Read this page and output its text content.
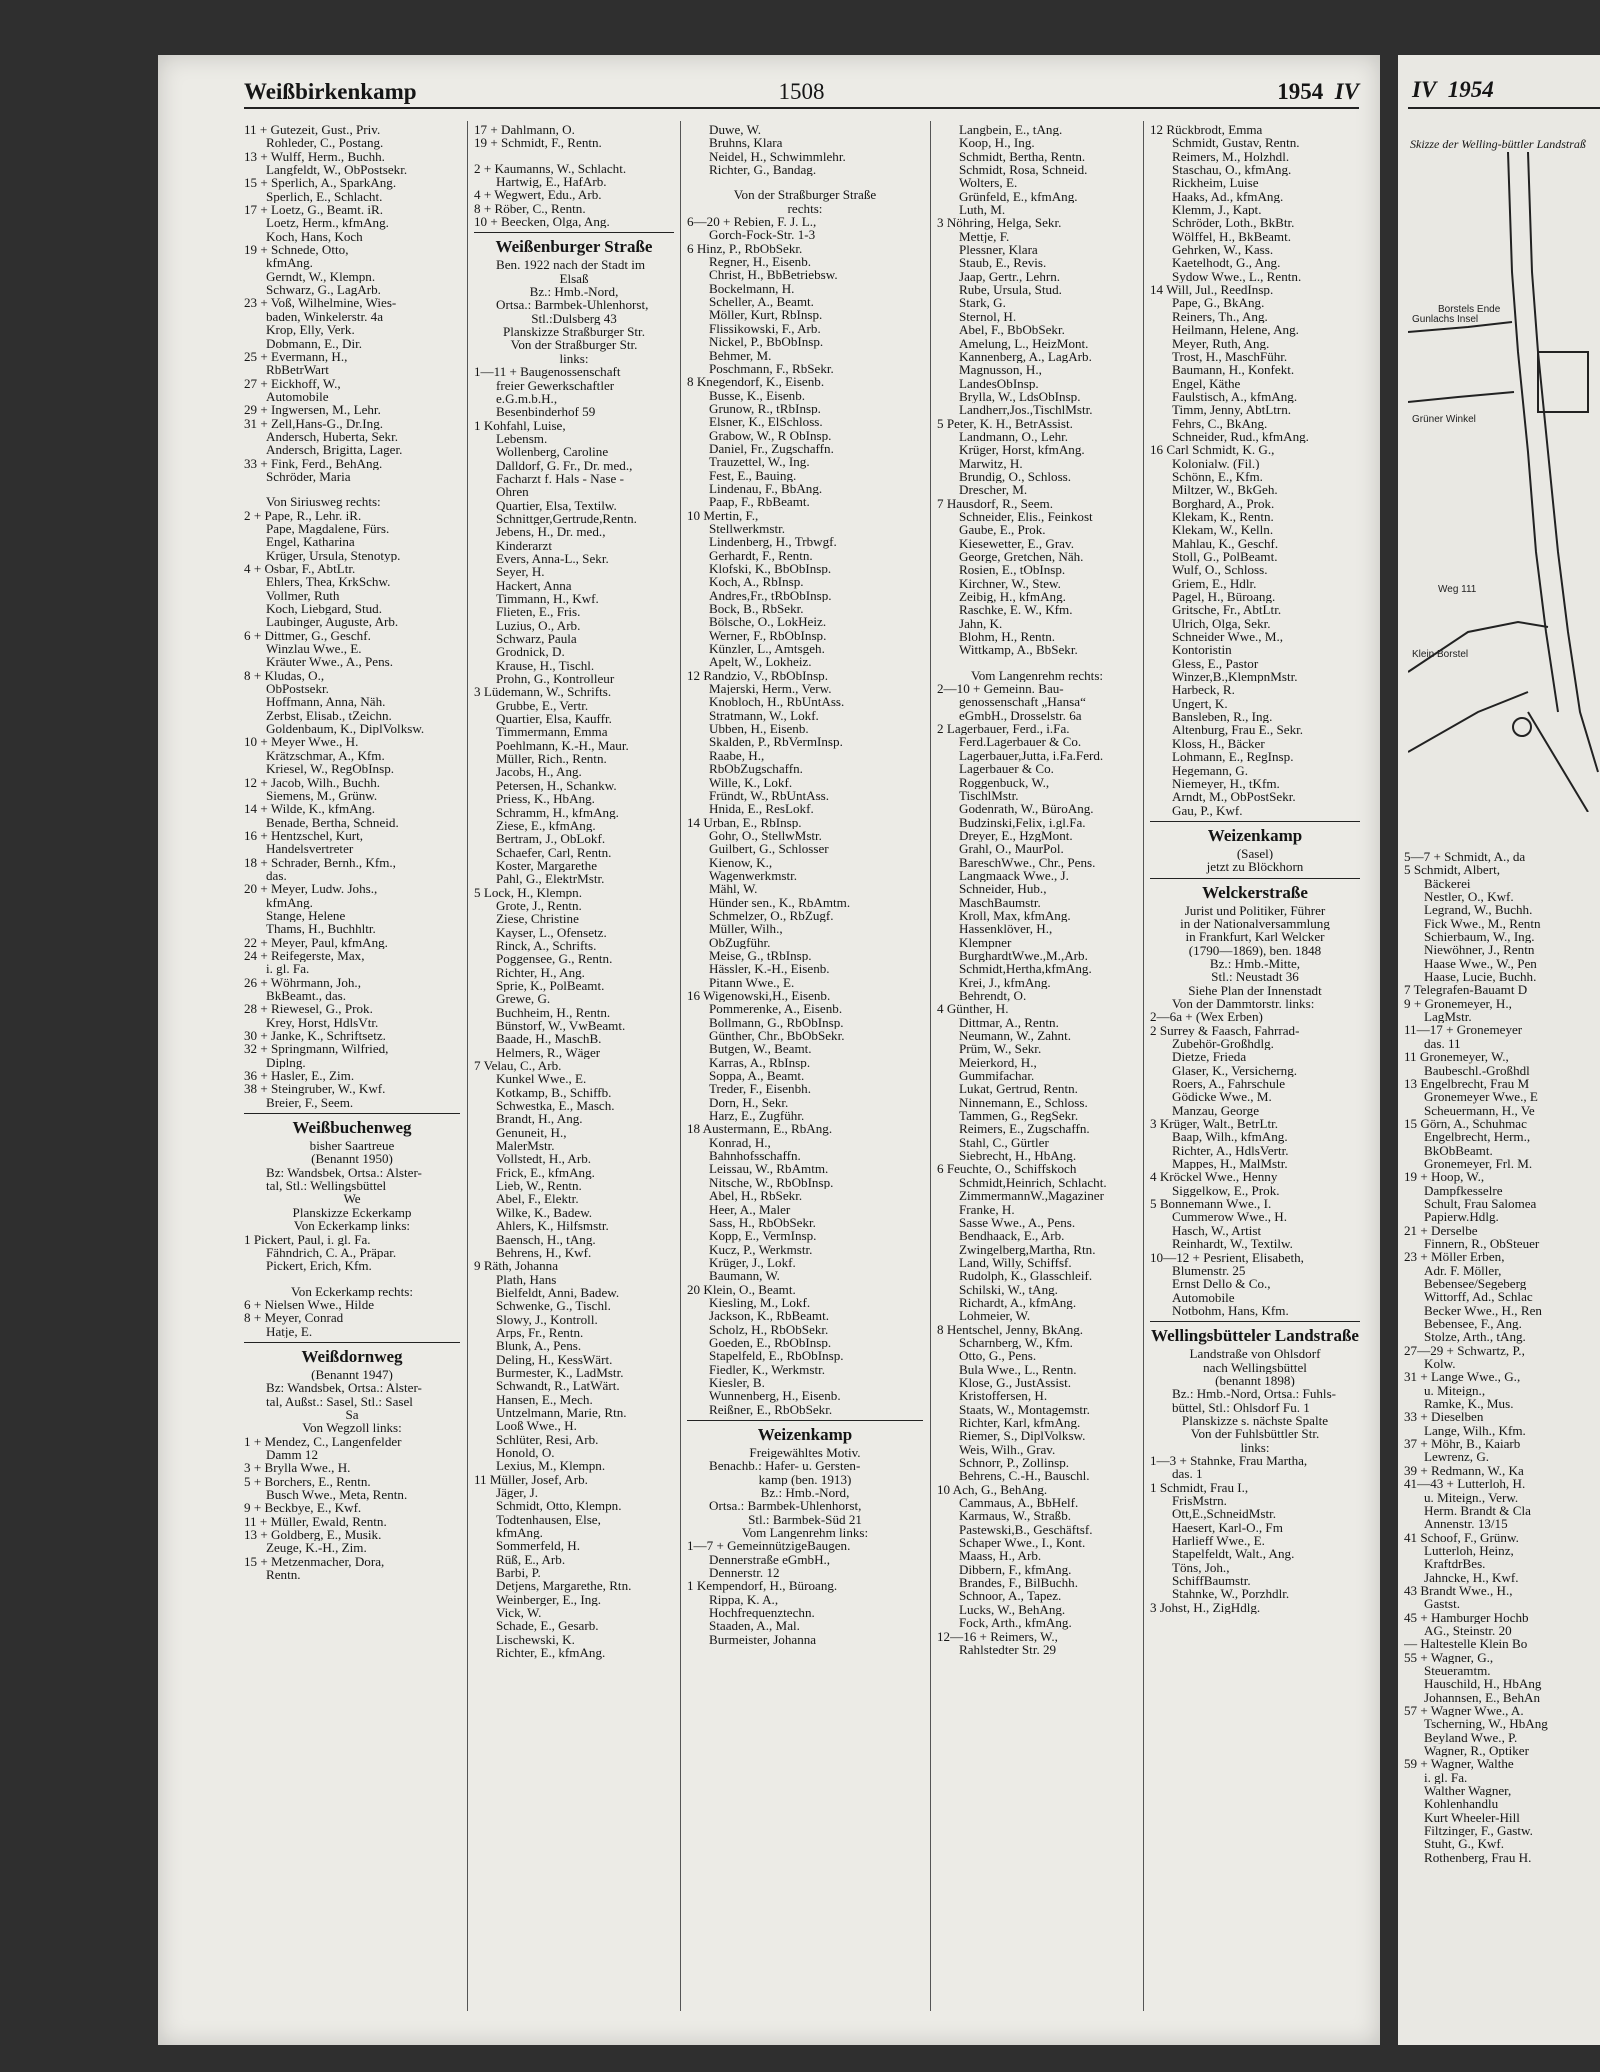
Weißbirkenkamp	1508	1954 IV
11 + Gutezeit, Gust., Priv.
Rohleder, C., Postang.
13 + Wulff, Herm., Buchh.
Langfeldt, W., ObPostsekr.
15 + Sperlich, A., SparkAng.
Sperlich, E., Schlacht.
17 + Loetz, G., Beamt. iR.
Loetz, Herm., kfmAng.
Koch, Hans, Koch
19 + Schnede, Otto,
kfmAng.
Gerndt, W., Klempn.
Schwarz, G., LagArb.
23 + Voß, Wilhelmine, Wies-
baden, Winkelerstr. 4a
Krop, Elly, Verk.
Dobmann, E., Dir.
25 + Evermann, H.,
RbBetrWart
27 + Eickhoff, W.,
Automobile
29 + Ingwersen, M., Lehr.
31 + Zell,Hans-G., Dr.Ing.
Andersch, Huberta, Sekr.
Andersch, Brigitta, Lager.
33 + Fink, Ferd., BehAng.
Schröder, Maria
Von Siriusweg rechts:
2 + Pape, R., Lehr. iR.
Pape, Magdalene, Fürs.
Engel, Katharina
Krüger, Ursula, Stenotyp.
4 + Osbar, F., AbtLtr.
Ehlers, Thea, KrkSchw.
Vollmer, Ruth
Koch, Liebgard, Stud.
Laubinger, Auguste, Arb.
6 + Dittmer, G., Geschf.
Winzlau Wwe., E.
Kräuter Wwe., A., Pens.
8 + Kludas, O.,
ObPostsekr.
Hoffmann, Anna, Näh.
Zerbst, Elisab., tZeichn.
Goldenbaum, K., DiplVolksw.
10 + Meyer Wwe., H.
Krätzschmar, A., Kfm.
Kriesel, W., RegObInsp.
12 + Jacob, Wilh., Buchh.
Siemens, M., Grünw.
14 + Wilde, K., kfmAng.
Benade, Bertha, Schneid.
16 + Hentzschel, Kurt,
Handelsvertreter
18 + Schrader, Bernh., Kfm.,
das.
20 + Meyer, Ludw. Johs.,
kfmAng.
Stange, Helene
Thams, H., Buchhltr.
22 + Meyer, Paul, kfmAng.
24 + Reifegerste, Max,
i. gl. Fa.
26 + Wöhrmann, Joh.,
BkBeamt., das.
28 + Riewesel, G., Prok.
Krey, Horst, HdlsVtr.
30 + Janke, K., Schriftsetz.
32 + Springmann, Wilfried,
Diplng.
36 + Hasler, E., Zim.
38 + Steingruber, W., Kwf.
Breier, F., Seem.
Weißbuchenweg
bisher Saartreue
(Benannt 1950)
Bz: Wandsbek, Ortsa.: Alster-
tal, Stl.: Wellingsbüttel
We
Planskizze Eckerkamp
Von Eckerkamp links:
1 Pickert, Paul, i. gl. Fa.
Fähndrich, C. A., Präpar.
Pickert, Erich, Kfm.
Von Eckerkamp rechts:
6 + Nielsen Wwe., Hilde
8 + Meyer, Conrad
Hatje, E.
Weißdornweg
(Benannt 1947)
Bz: Wandsbek, Ortsa.: Alster-
tal, Außst.: Sasel, Stl.: Sasel
Sa
Von Wegzoll links:
1 + Mendez, C., Langenfelder
Damm 12
3 + Brylla Wwe., H.
5 + Borchers, E., Rentn.
Busch Wwe., Meta, Rentn.
9 + Beckbye, E., Kwf.
11 + Müller, Ewald, Rentn.
13 + Goldberg, E., Musik.
Zeuge, K.-H., Zim.
15 + Metzenmacher, Dora,
Rentn.
17 + Dahlmann, O.
19 + Schmidt, F., Rentn.
2 + Kaumanns, W., Schlacht.
Hartwig, E., HafArb.
4 + Wegwert, Edu., Arb.
8 + Röber, C., Rentn.
10 + Beecken, Olga, Ang.
Weißenburger Straße
Ben. 1922 nach der Stadt im
Elsaß
Bz.: Hmb.-Nord,
Ortsa.: Barmbek-Uhlenhorst,
Stl.:Dulsberg 43
Planskizze Straßburger Str.
Von der Straßburger Str.
links:
1—11 + Baugenossenschaft
freier Gewerkschaftler
e.G.m.b.H.,
Besenbinderhof 59
1 Kohfahl, Luise,
Lebensm.
Wollenberg, Caroline
Dalldorf, G. Fr., Dr. med.,
Facharzt f. Hals - Nase -
Ohren
Quartier, Elsa, Textilw.
Schnittger,Gertrude,Rentn.
Jebens, H., Dr. med.,
Kinderarzt
Evers, Anna-L., Sekr.
Seyer, H.
Hackert, Anna
Timmann, H., Kwf.
Flieten, E., Fris.
Luzius, O., Arb.
Schwarz, Paula
Grodnick, D.
Krause, H., Tischl.
Prohn, G., Kontrolleur
3 Lüdemann, W., Schrifts.
Grubbe, E., Vertr.
Quartier, Elsa, Kauffr.
Timmermann, Emma
Poehlmann, K.-H., Maur.
Müller, Rich., Rentn.
Jacobs, H., Ang.
Petersen, H., Schankw.
Priess, K., HbAng.
Schramm, H., kfmAng.
Ziese, E., kfmAng.
Bertram, J., ObLokf.
Schaefer, Carl, Rentn.
Koster, Margarethe
Pahl, G., ElektrMstr.
5 Lock, H., Klempn.
Grote, J., Rentn.
Ziese, Christine
Kayser, L., Ofensetz.
Rinck, A., Schrifts.
Poggensee, G., Rentn.
Richter, H., Ang.
Sprie, K., PolBeamt.
Grewe, G.
Buchheim, H., Rentn.
Bünstorf, W., VwBeamt.
Baade, H., MaschB.
Helmers, R., Wäger
7 Velau, C., Arb.
Kunkel Wwe., E.
Kotkamp, B., Schiffb.
Schwestka, E., Masch.
Brandt, H., Ang.
Genuneit, H.,
MalerMstr.
Vollstedt, H., Arb.
Frick, E., kfmAng.
Lieb, W., Rentn.
Abel, F., Elektr.
Wilke, K., Badew.
Ahlers, K., Hilfsmstr.
Baensch, H., tAng.
Behrens, H., Kwf.
9 Räth, Johanna
Plath, Hans
Bielfeldt, Anni, Badew.
Schwenke, G., Tischl.
Slowy, J., Kontroll.
Arps, Fr., Rentn.
Blunk, A., Pens.
Deling, H., KessWärt.
Burmester, K., LadMstr.
Schwandt, R., LatWärt.
Hansen, E., Mech.
Untzelmann, Marie, Rtn.
Looß Wwe., H.
Schlüter, Resi, Arb.
Honold, O.
Lexius, M., Klempn.
11 Müller, Josef, Arb.
Jäger, J.
Schmidt, Otto, Klempn.
Todtenhausen, Else,
kfmAng.
Sommerfeld, H.
Rüß, E., Arb.
Barbi, P.
Detjens, Margarethe, Rtn.
Weinberger, E., Ing.
Vick, W.
Schade, E., Gesarb.
Lischewski, K.
Richter, E., kfmAng.
Duwe, W.
Bruhns, Klara
Neidel, H., Schwimmlehr.
Richter, G., Bandag.
Von der Straßburger Straße
rechts:
6—20 + Rebien, F. J. L.,
Gorch-Fock-Str. 1-3
6 Hinz, P., RbObSekr.
Regner, H., Eisenb.
Christ, H., BbBetriebsw.
Bockelmann, H.
Scheller, A., Beamt.
Möller, Kurt, RbInsp.
Flissikowski, F., Arb.
Nickel, P., BbObInsp.
Behmer, M.
Poschmann, F., RbSekr.
8 Knegendorf, K., Eisenb.
Busse, K., Eisenb.
Grunow, R., tRbInsp.
Elsner, K., ElSchloss.
Grabow, W., R ObInsp.
Daniel, Fr., Zugschaffn.
Trauzettel, W., Ing.
Fest, E., Bauing.
Lindenau, F., BbAng.
Paap, F., RbBeamt.
10 Mertin, F.,
Stellwerkmstr.
Lindenberg, H., Trbwgf.
Gerhardt, F., Rentn.
Klofski, K., BbObInsp.
Koch, A., RbInsp.
Andres,Fr., tRbObInsp.
Bock, B., RbSekr.
Bölsche, O., LokHeiz.
Werner, F., RbObInsp.
Künzler, L., Amtsgeh.
Apelt, W., Lokheiz.
12 Randzio, V., RbObInsp.
Majerski, Herm., Verw.
Knobloch, H., RbUntAss.
Stratmann, W., Lokf.
Ubben, H., Eisenb.
Skalden, P., RbVermInsp.
Raabe, H.,
RbObZugschaffn.
Wille, K., Lokf.
Fründt, W., RbUntAss.
Hnida, E., ResLokf.
14 Urban, E., RbInsp.
Gohr, O., StellwMstr.
Guilbert, G., Schlosser
Kienow, K.,
Wagenwerkmstr.
Mähl, W.
Hünder sen., K., RbAmtm.
Schmelzer, O., RbZugf.
Müller, Wilh.,
ObZugführ.
Meise, G., tRbInsp.
Hässler, K.-H., Eisenb.
Pitann Wwe., E.
16 Wigenowski,H., Eisenb.
Pommerenke, A., Eisenb.
Bollmann, G., RbObInsp.
Günther, Chr., BbObSekr.
Butgen, W., Beamt.
Karras, A., RbInsp.
Soppa, A., Beamt.
Treder, F., Eisenbh.
Dorn, H., Sekr.
Harz, E., Zugführ.
18 Austermann, E., RbAng.
Konrad, H.,
Bahnhofsschaffn.
Leissau, W., RbAmtm.
Nitsche, W., RbObInsp.
Abel, H., RbSekr.
Heer, A., Maler
Sass, H., RbObSekr.
Kopp, E., VermInsp.
Kucz, P., Werkmstr.
Krüger, J., Lokf.
Baumann, W.
20 Klein, O., Beamt.
Kiesling, M., Lokf.
Jackson, K., RbBeamt.
Scholz, H., RbObSekr.
Goeden, E., RbObInsp.
Stapelfeld, E., RbObInsp.
Fiedler, K., Werkmstr.
Kiesler, B.
Wunnenberg, H., Eisenb.
Reißner, E., RbObSekr.
Weizenkamp
Freigewähltes Motiv.
Benachb.: Hafer- u. Gersten-
kamp (ben. 1913)
Bz.: Hmb.-Nord,
Ortsa.: Barmbek-Uhlenhorst,
Stl.: Barmbek-Süd 21
Vom Langenrehm links:
1—7 + GemeinnützigeBaugen.
Dennerstraße eGmbH.,
Dennerstr. 12
1 Kempendorf, H., Büroang.
Rippa, K. A.,
Hochfrequenztechn.
Staaden, A., Mal.
Burmeister, Johanna
Langbein, E., tAng.
Koop, H., Ing.
Schmidt, Bertha, Rentn.
Schmidt, Rosa, Schneid.
Wolters, E.
Grünfeld, E., kfmAng.
Luth, M.
3 Nöhring, Helga, Sekr.
Mettje, F.
Plessner, Klara
Staub, E., Revis.
Jaap, Gertr., Lehrn.
Rube, Ursula, Stud.
Stark, G.
Sternol, H.
Abel, F., BbObSekr.
Amelung, L., HeizMont.
Kannenberg, A., LagArb.
Magnusson, H.,
LandesObInsp.
Brylla, W., LdsObInsp.
Landherr,Jos.,TischlMstr.
5 Peter, K. H., BetrAssist.
Landmann, O., Lehr.
Krüger, Horst, kfmAng.
Marwitz, H.
Brundig, O., Schloss.
Drescher, M.
7 Hausdorf, R., Seem.
Schneider, Elis., Feinkost
Gaube, E., Prok.
Kiesewetter, E., Grav.
George, Gretchen, Näh.
Rosien, E., tObInsp.
Kirchner, W., Stew.
Zeibig, H., kfmAng.
Raschke, E. W., Kfm.
Jahn, K.
Blohm, H., Rentn.
Wittkamp, A., BbSekr.
Vom Langenrehm rechts:
2—10 + Gemeinn. Bau-
genossenschaft „Hansa“
eGmbH., Drosselstr. 6a
2 Lagerbauer, Ferd., i.Fa.
Ferd.Lagerbauer & Co.
Lagerbauer,Jutta, i.Fa.Ferd.
Lagerbauer & Co.
Roggenbuck, W.,
TischlMstr.
Godenrath, W., BüroAng.
Budzinski,Felix, i.gl.Fa.
Dreyer, E., HzgMont.
Grahl, O., MaurPol.
BareschWwe., Chr., Pens.
Langmaack Wwe., J.
Schneider, Hub.,
MaschBaumstr.
Kroll, Max, kfmAng.
Hassenklöver, H.,
Klempner
BurghardtWwe.,M.,Arb.
Schmidt,Hertha,kfmAng.
Krei, J., kfmAng.
Behrendt, O.
4 Günther, H.
Dittmar, A., Rentn.
Neumann, W., Zahnt.
Prüm, W., Sekr.
Meierkord, H.,
Gummifachar.
Lukat, Gertrud, Rentn.
Ninnemann, E., Schloss.
Tammen, G., RegSekr.
Reimers, E., Zugschaffn.
Stahl, C., Gürtler
Siebrecht, H., HbAng.
6 Feuchte, O., Schiffskoch
Schmidt,Heinrich, Schlacht.
ZimmermannW.,Magaziner
Franke, H.
Sasse Wwe., A., Pens.
Bendhaack, E., Arb.
Zwingelberg,Martha, Rtn.
Land, Willy, Schiffsf.
Rudolph, K., Glasschleif.
Schilski, W., tAng.
Richardt, A., kfmAng.
Lohmeier, W.
8 Hentschel, Jenny, BkAng.
Scharnberg, W., Kfm.
Otto, G., Pens.
Bula Wwe., L., Rentn.
Klose, G., JustAssist.
Kristoffersen, H.
Staats, W., Montagemstr.
Richter, Karl, kfmAng.
Riemer, S., DiplVolksw.
Weis, Wilh., Grav.
Schnorr, P., Zollinsp.
Behrens, C.-H., Bauschl.
10 Ach, G., BehAng.
Cammaus, A., BbHelf.
Karmaus, W., Straßb.
Pastewski,B., Geschäftsf.
Schaper Wwe., I., Kont.
Maass, H., Arb.
Dibbern, F., kfmAng.
Brandes, F., BilBuchh.
Schnoor, A., Tapez.
Lucks, W., BehAng.
Fock, Arth., kfmAng.
12—16 + Reimers, W.,
Rahlstedter Str. 29
12 Rückbrodt, Emma
Schmidt, Gustav, Rentn.
Reimers, M., Holzhdl.
Staschau, O., kfmAng.
Rickheim, Luise
Haaks, Ad., kfmAng.
Klemm, J., Kapt.
Schröder, Loth., BkBtr.
Wölffel, H., BkBeamt.
Gehrken, W., Kass.
Kaetelhodt, G., Ang.
Sydow Wwe., L., Rentn.
14 Will, Jul., ReedInsp.
Pape, G., BkAng.
Reiners, Th., Ang.
Heilmann, Helene, Ang.
Meyer, Ruth, Ang.
Trost, H., MaschFühr.
Baumann, H., Konfekt.
Engel, Käthe
Faulstisch, A., kfmAng.
Timm, Jenny, AbtLtrn.
Fehrs, C., BkAng.
Schneider, Rud., kfmAng.
16 Carl Schmidt, K. G.,
Kolonialw. (Fil.)
Schönn, E., Kfm.
Miltzer, W., BkGeh.
Borghard, A., Prok.
Klekam, K., Rentn.
Klekam, W., Kelln.
Mahlau, K., Geschf.
Stoll, G., PolBeamt.
Wulf, O., Schloss.
Griem, E., Hdlr.
Pagel, H., Büroang.
Gritsche, Fr., AbtLtr.
Ulrich, Olga, Sekr.
Schneider Wwe., M.,
Kontoristin
Gless, E., Pastor
Winzer,B.,KlempnMstr.
Harbeck, R.
Ungert, K.
Bansleben, R., Ing.
Altenburg, Frau E., Sekr.
Kloss, H., Bäcker
Lohmann, E., RegInsp.
Hegemann, G.
Niemeyer, H., tKfm.
Arndt, M., ObPostSekr.
Gau, P., Kwf.
Weizenkamp
(Sasel)
jetzt zu Blöckhorn
Welckerstraße
Jurist und Politiker, Führer
in der Nationalversammlung
in Frankfurt, Karl Welcker
(1790—1869), ben. 1848
Bz.: Hmb.-Mitte,
Stl.: Neustadt 36
Siehe Plan der Innenstadt
Von der Dammtorstr. links:
2—6a + (Wex Erben)
2 Surrey & Faasch, Fahrrad-
Zubehör-Großhdlg.
Dietze, Frieda
Glaser, K., Versicherng.
Roers, A., Fahrschule
Gödicke Wwe., M.
Manzau, George
3 Krüger, Walt., BetrLtr.
Baap, Wilh., kfmAng.
Richter, A., HdlsVertr.
Mappes, H., MalMstr.
4 Kröckel Wwe., Henny
Siggelkow, E., Prok.
5 Bonnemann Wwe., I.
Cummerow Wwe., H.
Hasch, W., Artist
Reinhardt, W., Textilw.
10—12 + Pesrient, Elisabeth,
Blumenstr. 25
Ernst Dello & Co.,
Automobile
Notbohm, Hans, Kfm.
Wellingsbütteler Landstraße
Landstraße von Ohlsdorf
nach Wellingsbüttel
(benannt 1898)
Bz.: Hmb.-Nord, Ortsa.: Fuhls-
büttel, Stl.: Ohlsdorf Fu. 1
Planskizze s. nächste Spalte
Von der Fuhlsbüttler Str.
links:
1—3 + Stahnke, Frau Martha,
das. 1
1 Schmidt, Frau I.,
FrisMstrn.
Ott,E.,SchneidMstr.
Haesert, Karl-O., Fm
Harlieff Wwe., E.
Stapelfeldt, Walt., Ang.
Töns, Joh.,
SchiffBaumstr.
Stahnke, W., Porzhdlr.
3 Johst, H., ZigHdlg.
IV 1954
Skizze der Welling-büttler Landstraß
Gunlachs Insel
Borstels Ende
Grüner Winkel
Klein Borstel
Weg 111
5—7 + Schmidt, A., da
5 Schmidt, Albert,
Bäckerei
Nestler, O., Kwf.
Legrand, W., Buchh.
Fick Wwe., M., Rentn
Schierbaum, W., Ing.
Niewöhner, J., Rentn
Haase Wwe., W., Pen
Haase, Lucie, Buchh.
7 Telegrafen-Bauamt D
9 + Gronemeyer, H.,
LagMstr.
11—17 + Gronemeyer
das. 11
11 Gronemeyer, W.,
Baubeschl.-Großhdl
13 Engelbrecht, Frau M
Gronemeyer Wwe., E
Scheuermann, H., Ve
15 Görn, A., Schuhmac
Engelbrecht, Herm.,
BkObBeamt.
Gronemeyer, Frl. M.
19 + Hoop, W.,
Dampfkesselre
Schult, Frau Salomea
Papierw.Hdlg.
21 + Derselbe
Finnern, R., ObSteuer
23 + Möller Erben,
Adr. F. Möller,
Bebensee/Segeberg
Wittorff, Ad., Schlac
Becker Wwe., H., Ren
Bebensee, F., Ang.
Stolze, Arth., tAng.
27—29 + Schwartz, P.,
Kolw.
31 + Lange Wwe., G.,
u. Miteign.,
Ramke, K., Mus.
33 + Dieselben
Lange, Wilh., Kfm.
37 + Möhr, B., Kaiarb
Lewrenz, G.
39 + Redmann, W., Ka
41—43 + Lutterloh, H.
u. Miteign., Verw.
Herm. Brandt & Cla
Annenstr. 13/15
41 Schoof, F., Grünw.
Lutterloh, Heinz,
KraftdrBes.
Jahncke, H., Kwf.
43 Brandt Wwe., H.,
Gastst.
45 + Hamburger Hochb
AG., Steinstr. 20
— Haltestelle Klein Bo
55 + Wagner, G.,
Steueramtm.
Hauschild, H., HbAng
Johannsen, E., BehAn
57 + Wagner Wwe., A.
Tscherning, W., HbAng
Beyland Wwe., P.
Wagner, R., Optiker
59 + Wagner, Walthe
i. gl. Fa.
Walther Wagner,
Kohlenhandlu
Kurt Wheeler-Hill
Filtzinger, F., Gastw.
Stuht, G., Kwf.
Rothenberg, Frau H.
